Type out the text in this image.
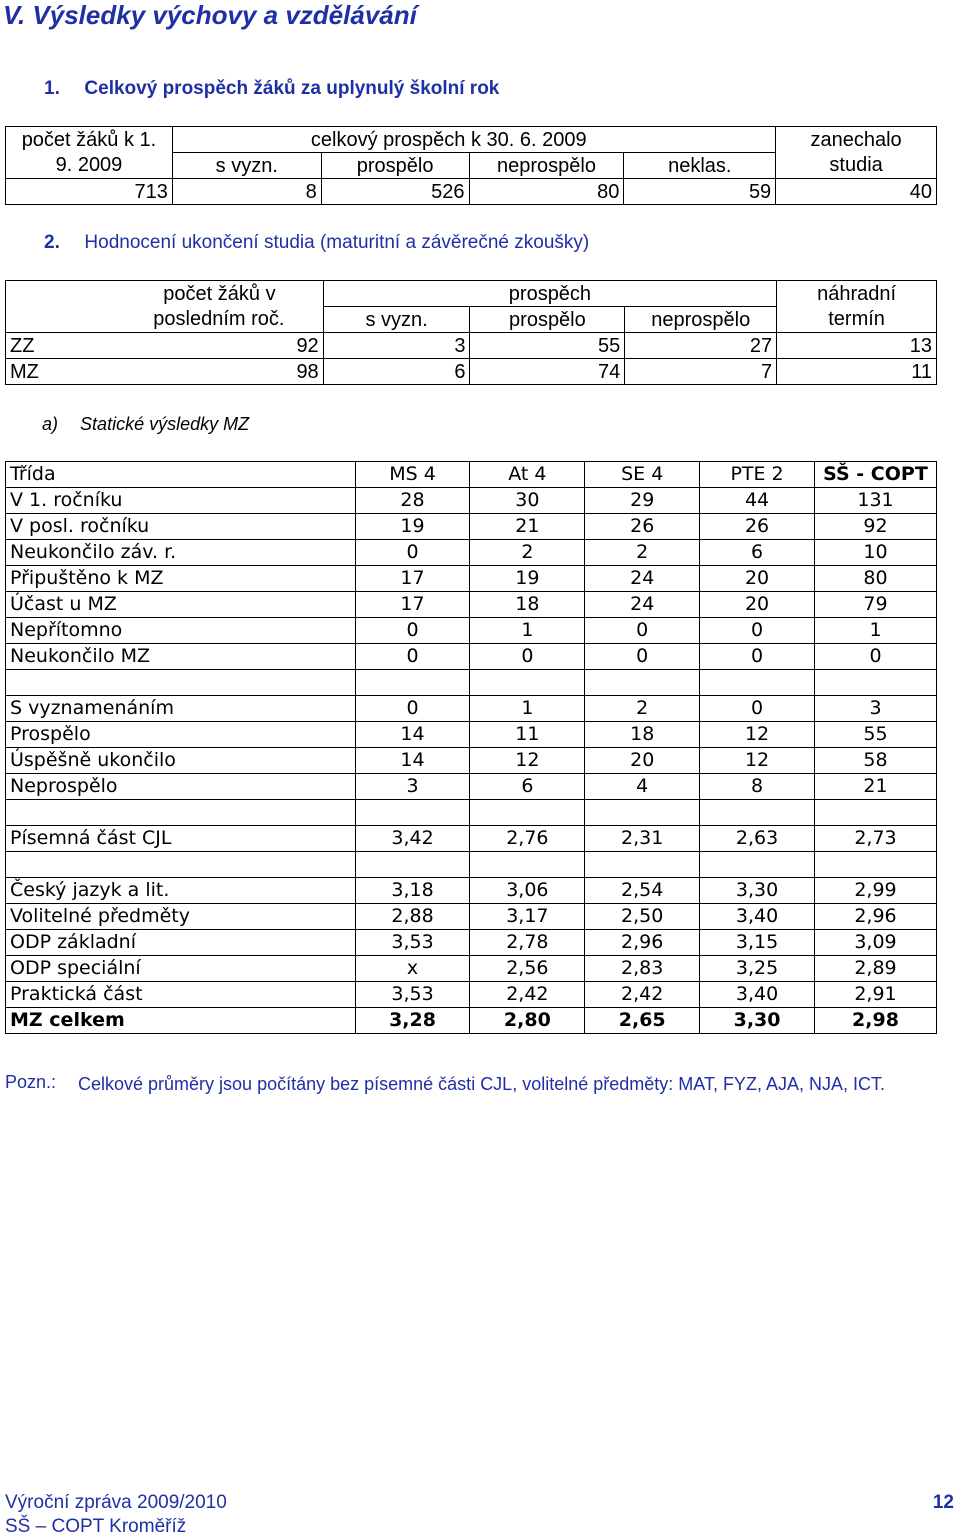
V. Výsledky výchovy a vzdělávání
1. Celkový prospěch žáků za uplynulý školní rok
počet žáků k 1.	celkový prospěch k 30. 6. 2009				zanechalo
9. 2009	s vyzn.	prospělo	neprospělo	neklas.	studia
713	8	526	80	59	40
2. Hodnocení ukončení studia (maturitní a závěrečné zkoušky)
	počet žáků v	prospěch			náhradní
	posledním roč.	s vyzn.	prospělo	neprospělo	termín
ZZ	92	3	55	27	13
MZ	98	6	74	7	11
a) Statické výsledky MZ
Třída	MS 4	At 4	SE 4	PTE 2	SŠ - COPT
V 1. ročníku	28	30	29	44	131
V posl. ročníku	19	21	26	26	92
Neukončilo záv. r.	0	2	2	6	10
Připuštěno k MZ	17	19	24	20	80
Účast u MZ	17	18	24	20	79
Nepřítomno	0	1	0	0	1
Neukončilo MZ	0	0	0	0	0

S vyznamenáním	0	1	2	0	3
Prospělo	14	11	18	12	55
Úspěšně ukončilo	14	12	20	12	58
Neprospělo	3	6	4	8	21

Písemná část CJL	3,42	2,76	2,31	2,63	2,73

Český jazyk a lit.	3,18	3,06	2,54	3,30	2,99
Volitelné předměty	2,88	3,17	2,50	3,40	2,96
ODP základní	3,53	2,78	2,96	3,15	3,09
ODP speciální	x	2,56	2,83	3,25	2,89
Praktická část	3,53	2,42	2,42	3,40	2,91
MZ celkem	3,28	2,80	2,65	3,30	2,98
Pozn.: Celkové průměry jsou počítány bez písemné části CJL, volitelné předměty: MAT, FYZ, AJA, NJA, ICT.
Výroční zpráva 2009/2010
SŠ – COPT Kroměříž
12
